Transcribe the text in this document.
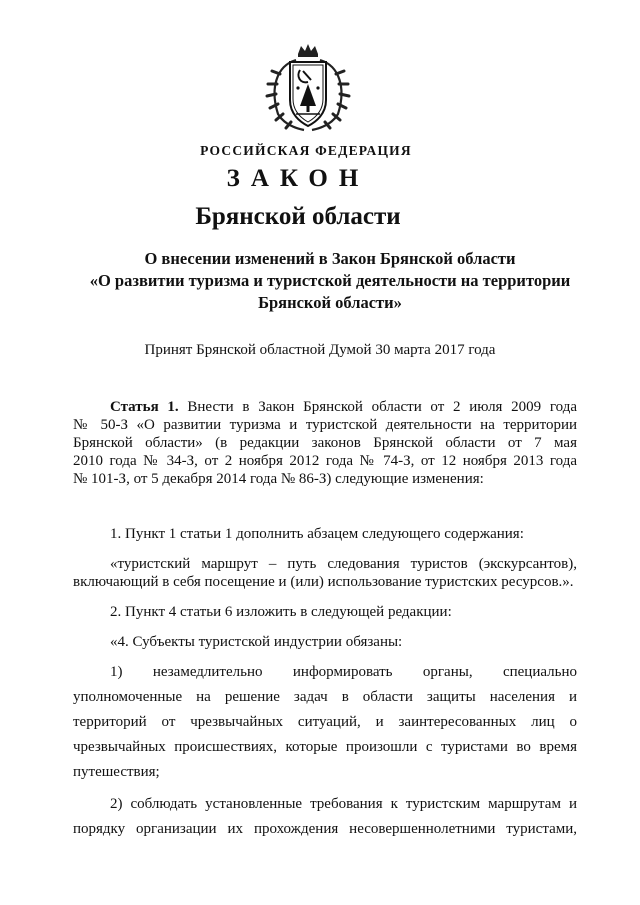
РОССИЙСКАЯ ФЕДЕРАЦИЯ
ЗАКОН
Брянской области
О внесении изменений в Закон Брянской области
«О развитии туризма и туристской деятельности на территории
Брянской области»
Принят Брянской областной Думой 30 марта 2017 года
Статья 1. Внести в Закон Брянской области от 2 июля 2009 года
№ 50-З «О развитии туризма и туристской деятельности на территории
Брянской области» (в редакции законов Брянской области от 7 мая
2010 года № 34-З, от 2 ноября 2012 года № 74-З, от 12 ноября 2013 года
№ 101-З, от 5 декабря 2014 года № 86-З) следующие изменения:
1. Пункт 1 статьи 1 дополнить абзацем следующего содержания:
«туристский маршрут – путь следования туристов (экскурсантов),
включающий в себя посещение и (или) использование туристских ресурсов.».
2. Пункт 4 статьи 6 изложить в следующей редакции:
«4. Субъекты туристской индустрии обязаны:
1) незамедлительно информировать органы, специально
уполномоченные на решение задач в области защиты населения и
территорий от чрезвычайных ситуаций, и заинтересованных лиц о
чрезвычайных происшествиях, которые произошли с туристами во время
путешествия;
2) соблюдать установленные требования к туристским маршрутам и
порядку организации их прохождения несовершеннолетними туристами,
